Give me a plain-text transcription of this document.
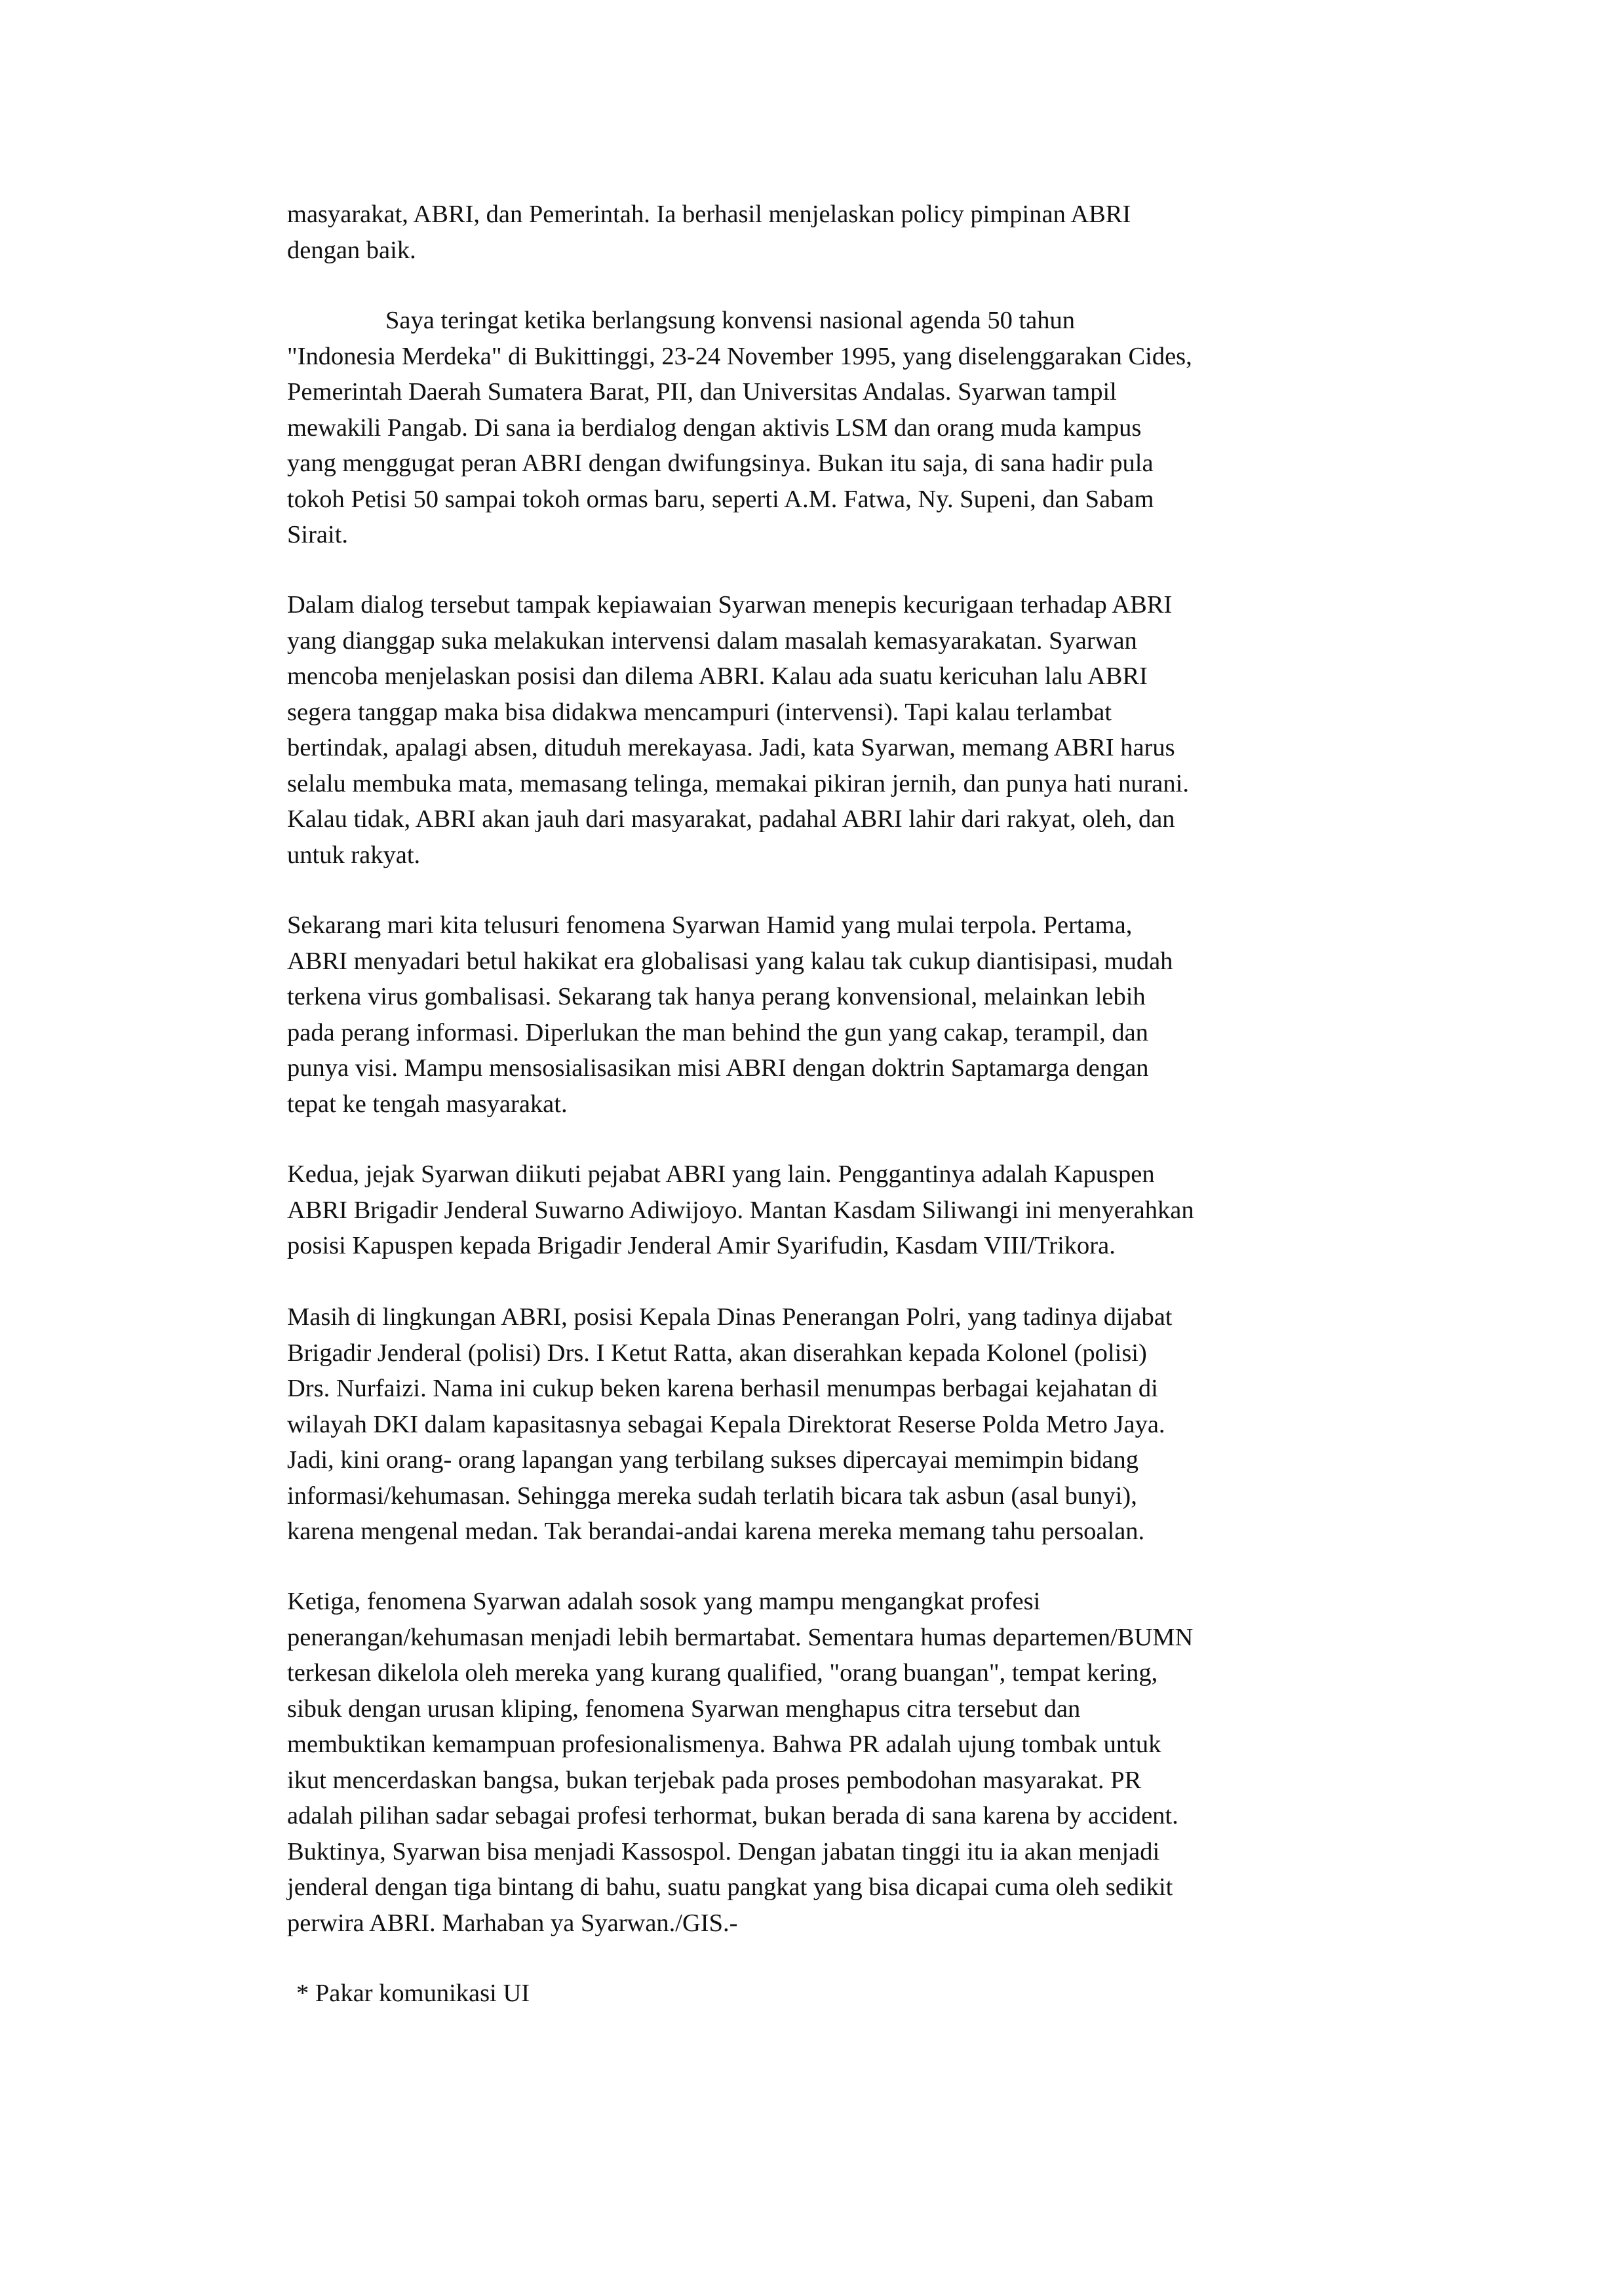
masyarakat, ABRI, dan Pemerintah. Ia berhasil menjelaskan policy pimpinan ABRI
dengan baik.
Saya teringat ketika berlangsung konvensi nasional agenda 50 tahun
"Indonesia Merdeka" di Bukittinggi, 23-24 November 1995, yang diselenggarakan Cides,
Pemerintah Daerah Sumatera Barat, PII, dan Universitas Andalas. Syarwan tampil
mewakili Pangab. Di sana ia berdialog dengan aktivis LSM dan orang muda kampus
yang menggugat peran ABRI dengan dwifungsinya. Bukan itu saja, di sana hadir pula
tokoh Petisi 50 sampai tokoh ormas baru, seperti A.M. Fatwa, Ny. Supeni, dan Sabam
Sirait.
Dalam dialog tersebut tampak kepiawaian Syarwan menepis kecurigaan terhadap ABRI
yang dianggap suka melakukan intervensi dalam masalah kemasyarakatan. Syarwan
mencoba menjelaskan posisi dan dilema ABRI. Kalau ada suatu kericuhan lalu ABRI
segera tanggap maka bisa didakwa mencampuri (intervensi). Tapi kalau terlambat
bertindak, apalagi absen, dituduh merekayasa. Jadi, kata Syarwan, memang ABRI harus
selalu membuka mata, memasang telinga, memakai pikiran jernih, dan punya hati nurani.
Kalau tidak, ABRI akan jauh dari masyarakat, padahal ABRI lahir dari rakyat, oleh, dan
untuk rakyat.
Sekarang mari kita telusuri fenomena Syarwan Hamid yang mulai terpola. Pertama,
ABRI menyadari betul hakikat era globalisasi yang kalau tak cukup diantisipasi, mudah
terkena virus gombalisasi. Sekarang tak hanya perang konvensional, melainkan lebih
pada perang informasi. Diperlukan the man behind the gun yang cakap, terampil, dan
punya visi. Mampu mensosialisasikan misi ABRI dengan doktrin Saptamarga dengan
tepat ke tengah masyarakat.
Kedua, jejak Syarwan diikuti pejabat ABRI yang lain. Penggantinya adalah Kapuspen
ABRI Brigadir Jenderal Suwarno Adiwijoyo. Mantan Kasdam Siliwangi ini menyerahkan
posisi Kapuspen kepada Brigadir Jenderal Amir Syarifudin, Kasdam VIII/Trikora.
Masih di lingkungan ABRI, posisi Kepala Dinas Penerangan Polri, yang tadinya dijabat
Brigadir Jenderal (polisi) Drs. I Ketut Ratta, akan diserahkan kepada Kolonel (polisi)
Drs. Nurfaizi. Nama ini cukup beken karena berhasil menumpas berbagai kejahatan di
wilayah DKI dalam kapasitasnya sebagai Kepala Direktorat Reserse Polda Metro Jaya.
Jadi, kini orang- orang lapangan yang terbilang sukses dipercayai memimpin bidang
informasi/kehumasan. Sehingga mereka sudah terlatih bicara tak asbun (asal bunyi),
karena mengenal medan. Tak berandai-andai karena mereka memang tahu persoalan.
Ketiga, fenomena Syarwan adalah sosok yang mampu mengangkat profesi
penerangan/kehumasan menjadi lebih bermartabat. Sementara humas departemen/BUMN
terkesan dikelola oleh mereka yang kurang qualified, "orang buangan", tempat kering,
sibuk dengan urusan kliping, fenomena Syarwan menghapus citra tersebut dan
membuktikan kemampuan profesionalismenya. Bahwa PR adalah ujung tombak untuk
ikut mencerdaskan bangsa, bukan terjebak pada proses pembodohan masyarakat. PR
adalah pilihan sadar sebagai profesi terhormat, bukan berada di sana karena by accident.
Buktinya, Syarwan bisa menjadi Kassospol. Dengan jabatan tinggi itu ia akan menjadi
jenderal dengan tiga bintang di bahu, suatu pangkat yang bisa dicapai cuma oleh sedikit
perwira ABRI. Marhaban ya Syarwan./GIS.-
* Pakar komunikasi UI
